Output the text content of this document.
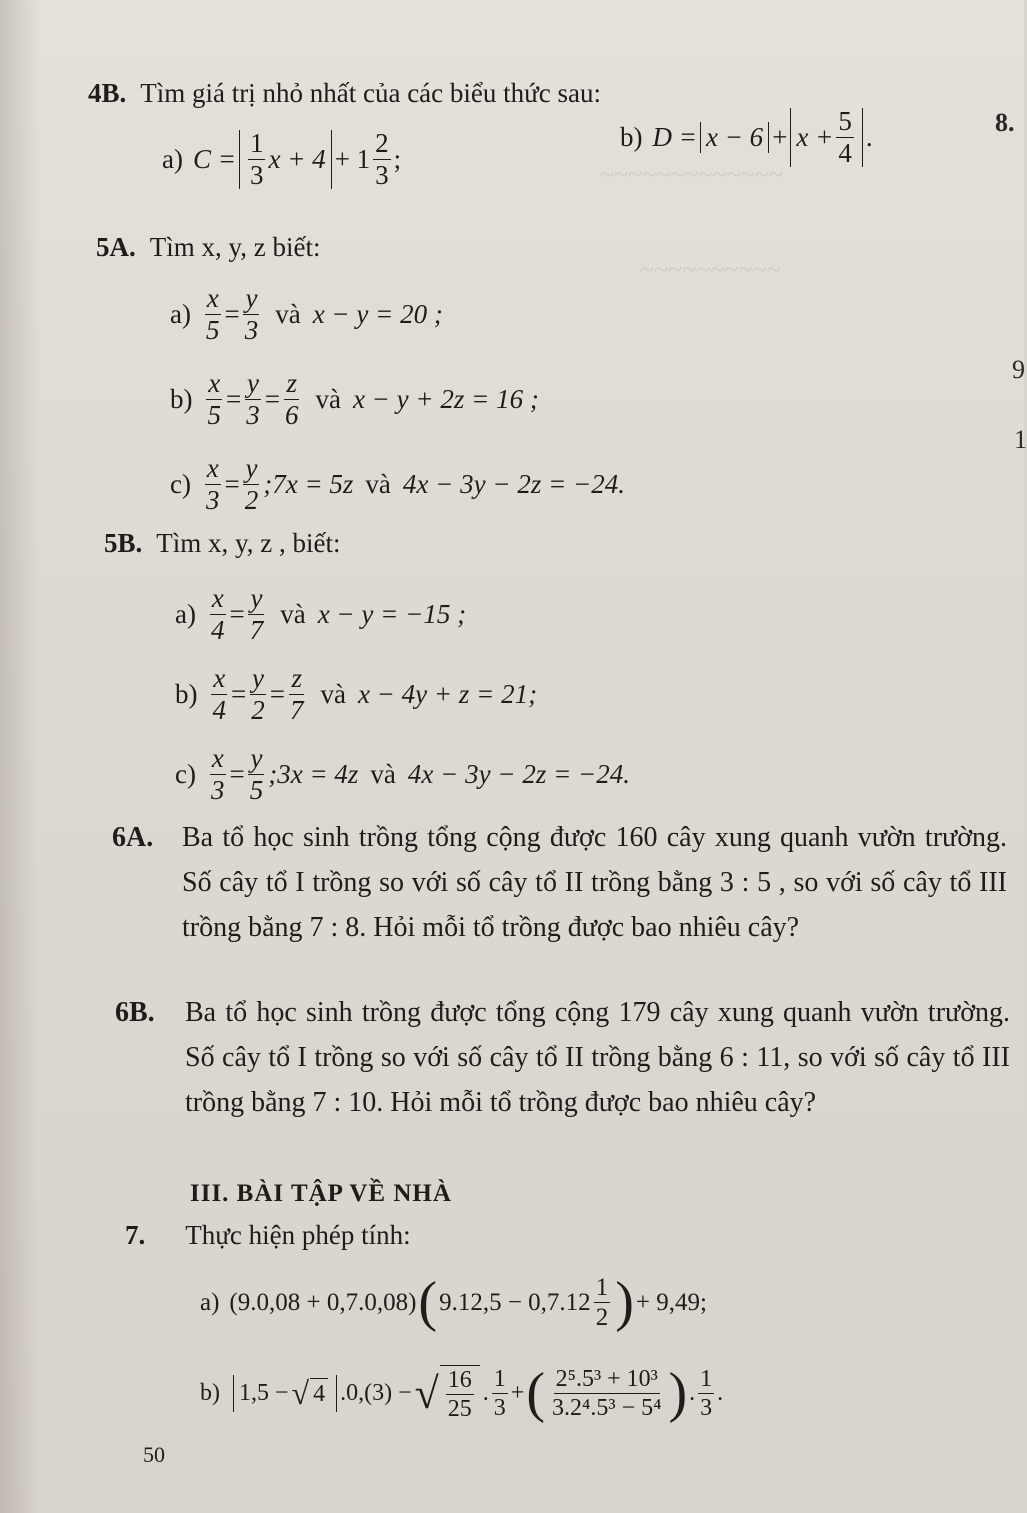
~~~~~~~~~~~~~
~~~~~~~~~~
4B. Tìm giá trị nhỏ nhất của các biểu thức sau:
a) $C = \frac{1}{3}$ $x + 4 + 1 \frac{2}{3}$ ;
b) $D = x - 6 + x + \frac{5}{4}$ .
5A. Tìm x, y, z biết:
$a) \frac{x}{5} = \frac{y}{3}$ và x − y = 20 ;
$b) \frac{x}{5} = \frac{y}{3} = \frac{z}{6}$ và x − y + 2z = 16 ;
$c) \frac{x}{3} = \frac{y}{2}$ ;7x = 5z và 4x − 3y − 2z = −24.
5B. Tìm x, y, z , biết:
$a) \frac{x}{4} = \frac{y}{7}$ và x − y = −15 ;
$b) \frac{x}{4} = \frac{y}{2} = \frac{z}{7}$ và x − 4y + z = 21;
$c) \frac{x}{3} = \frac{y}{5}$ ;3x = 4z và 4x − 3y − 2z = −24.
6A. Ba tổ học sinh trồng tổng cộng được 160 cây xung quanh vườn trường. Số cây tổ I trồng so với số cây tổ II trồng bằng 3 : 5 , so với số cây tổ III trồng bằng 7 : 8. Hỏi mỗi tổ trồng được bao nhiêu cây?
6B. Ba tổ học sinh trồng được tổng cộng 179 cây xung quanh vườn trường. Số cây tổ I trồng so với số cây tổ II trồng bằng 6 : 11, so với số cây tổ III trồng bằng 7 : 10. Hỏi mỗi tổ trồng được bao nhiêu cây?
III. BÀI TẬP VỀ NHÀ
7. Thực hiện phép tính:
a) (9.0,08 + 0,7.0,08) ( $9.12,5 - 0,7.12 \frac{1}{2}$ ) + 9,49;
b) 1,5 − √ 4 .0,(3) − √ $\frac{16}{25}$ . $\frac{1}{3}$ + ( $\frac{\text{2⁵.5³ + 10³}}{\text{3.2⁴.5³ − 5⁴}}$ ) . $\frac{1}{3}$ .
8.
9
1
50
